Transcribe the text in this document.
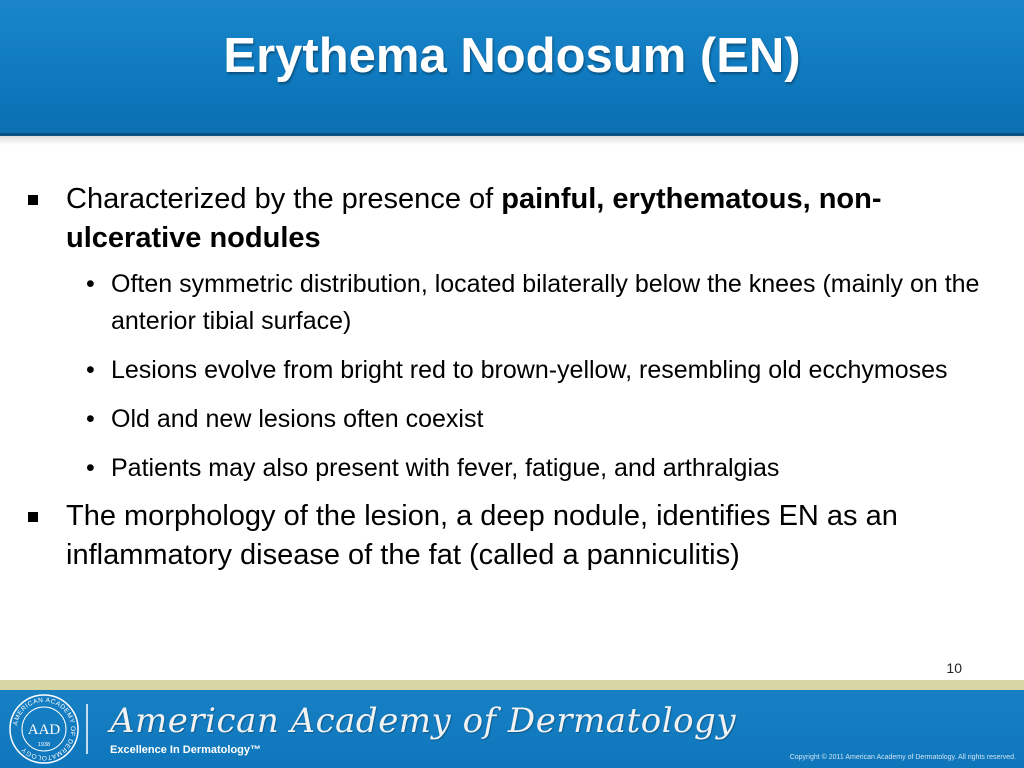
Erythema Nodosum (EN)
Characterized by the presence of painful, erythematous, non-ulcerative nodules
• Often symmetric distribution, located bilaterally below the knees (mainly on the anterior tibial surface)
• Lesions evolve from bright red to brown-yellow, resembling old ecchymoses
• Old and new lesions often coexist
• Patients may also present with fever, fatigue, and arthralgias
The morphology of the lesion, a deep nodule, identifies EN as an inflammatory disease of the fat (called a panniculitis)
10
AMERICAN ACADEMY OF DERMATOLOGY
AAD
1938
American Academy of Dermatology
Excellence In Dermatology™
Copyright © 2011 American Academy of Dermatology. All rights reserved.
